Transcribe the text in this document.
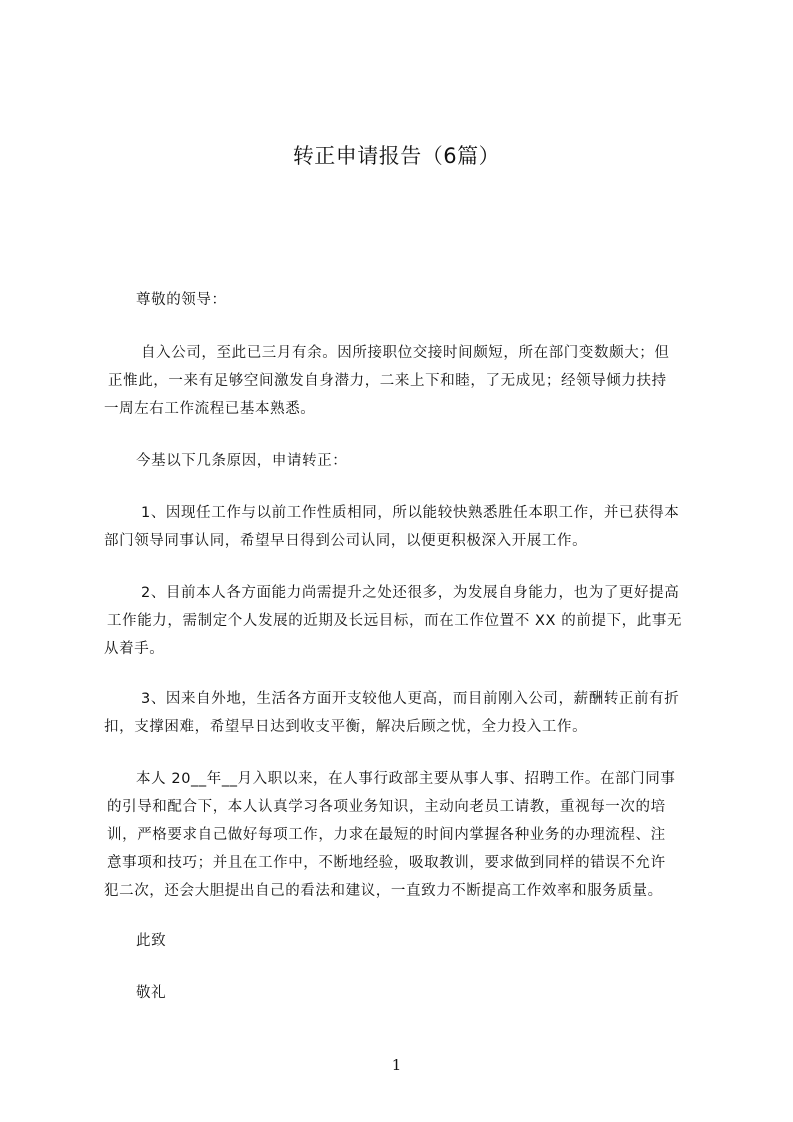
转正申请报告（6篇）
尊敬的领导：
自入公司，至此已三月有余。因所接职位交接时间颇短，所在部门变数颇大；但
正惟此，一来有足够空间激发自身潜力，二来上下和睦，了无成见；经领导倾力扶持
一周左右工作流程已基本熟悉。
今基以下几条原因，申请转正：
1、因现任工作与以前工作性质相同，所以能较快熟悉胜任本职工作，并已获得本
部门领导同事认同，希望早日得到公司认同，以便更积极深入开展工作。
2、目前本人各方面能力尚需提升之处还很多，为发展自身能力，也为了更好提高
工作能力，需制定个人发展的近期及长远目标，而在工作位置不 XX 的前提下，此事无
从着手。
3、因来自外地，生活各方面开支较他人更高，而目前刚入公司，薪酬转正前有折
扣，支撑困难，希望早日达到收支平衡，解决后顾之忧，全力投入工作。
本人 20__年__月入职以来，在人事行政部主要从事人事、招聘工作。在部门同事
的引导和配合下，本人认真学习各项业务知识，主动向老员工请教，重视每一次的培
训，严格要求自己做好每项工作，力求在最短的时间内掌握各种业务的办理流程、注
意事项和技巧；并且在工作中，不断地经验，吸取教训，要求做到同样的错误不允许
犯二次，还会大胆提出自己的看法和建议，一直致力不断提高工作效率和服务质量。
此致
敬礼
1
